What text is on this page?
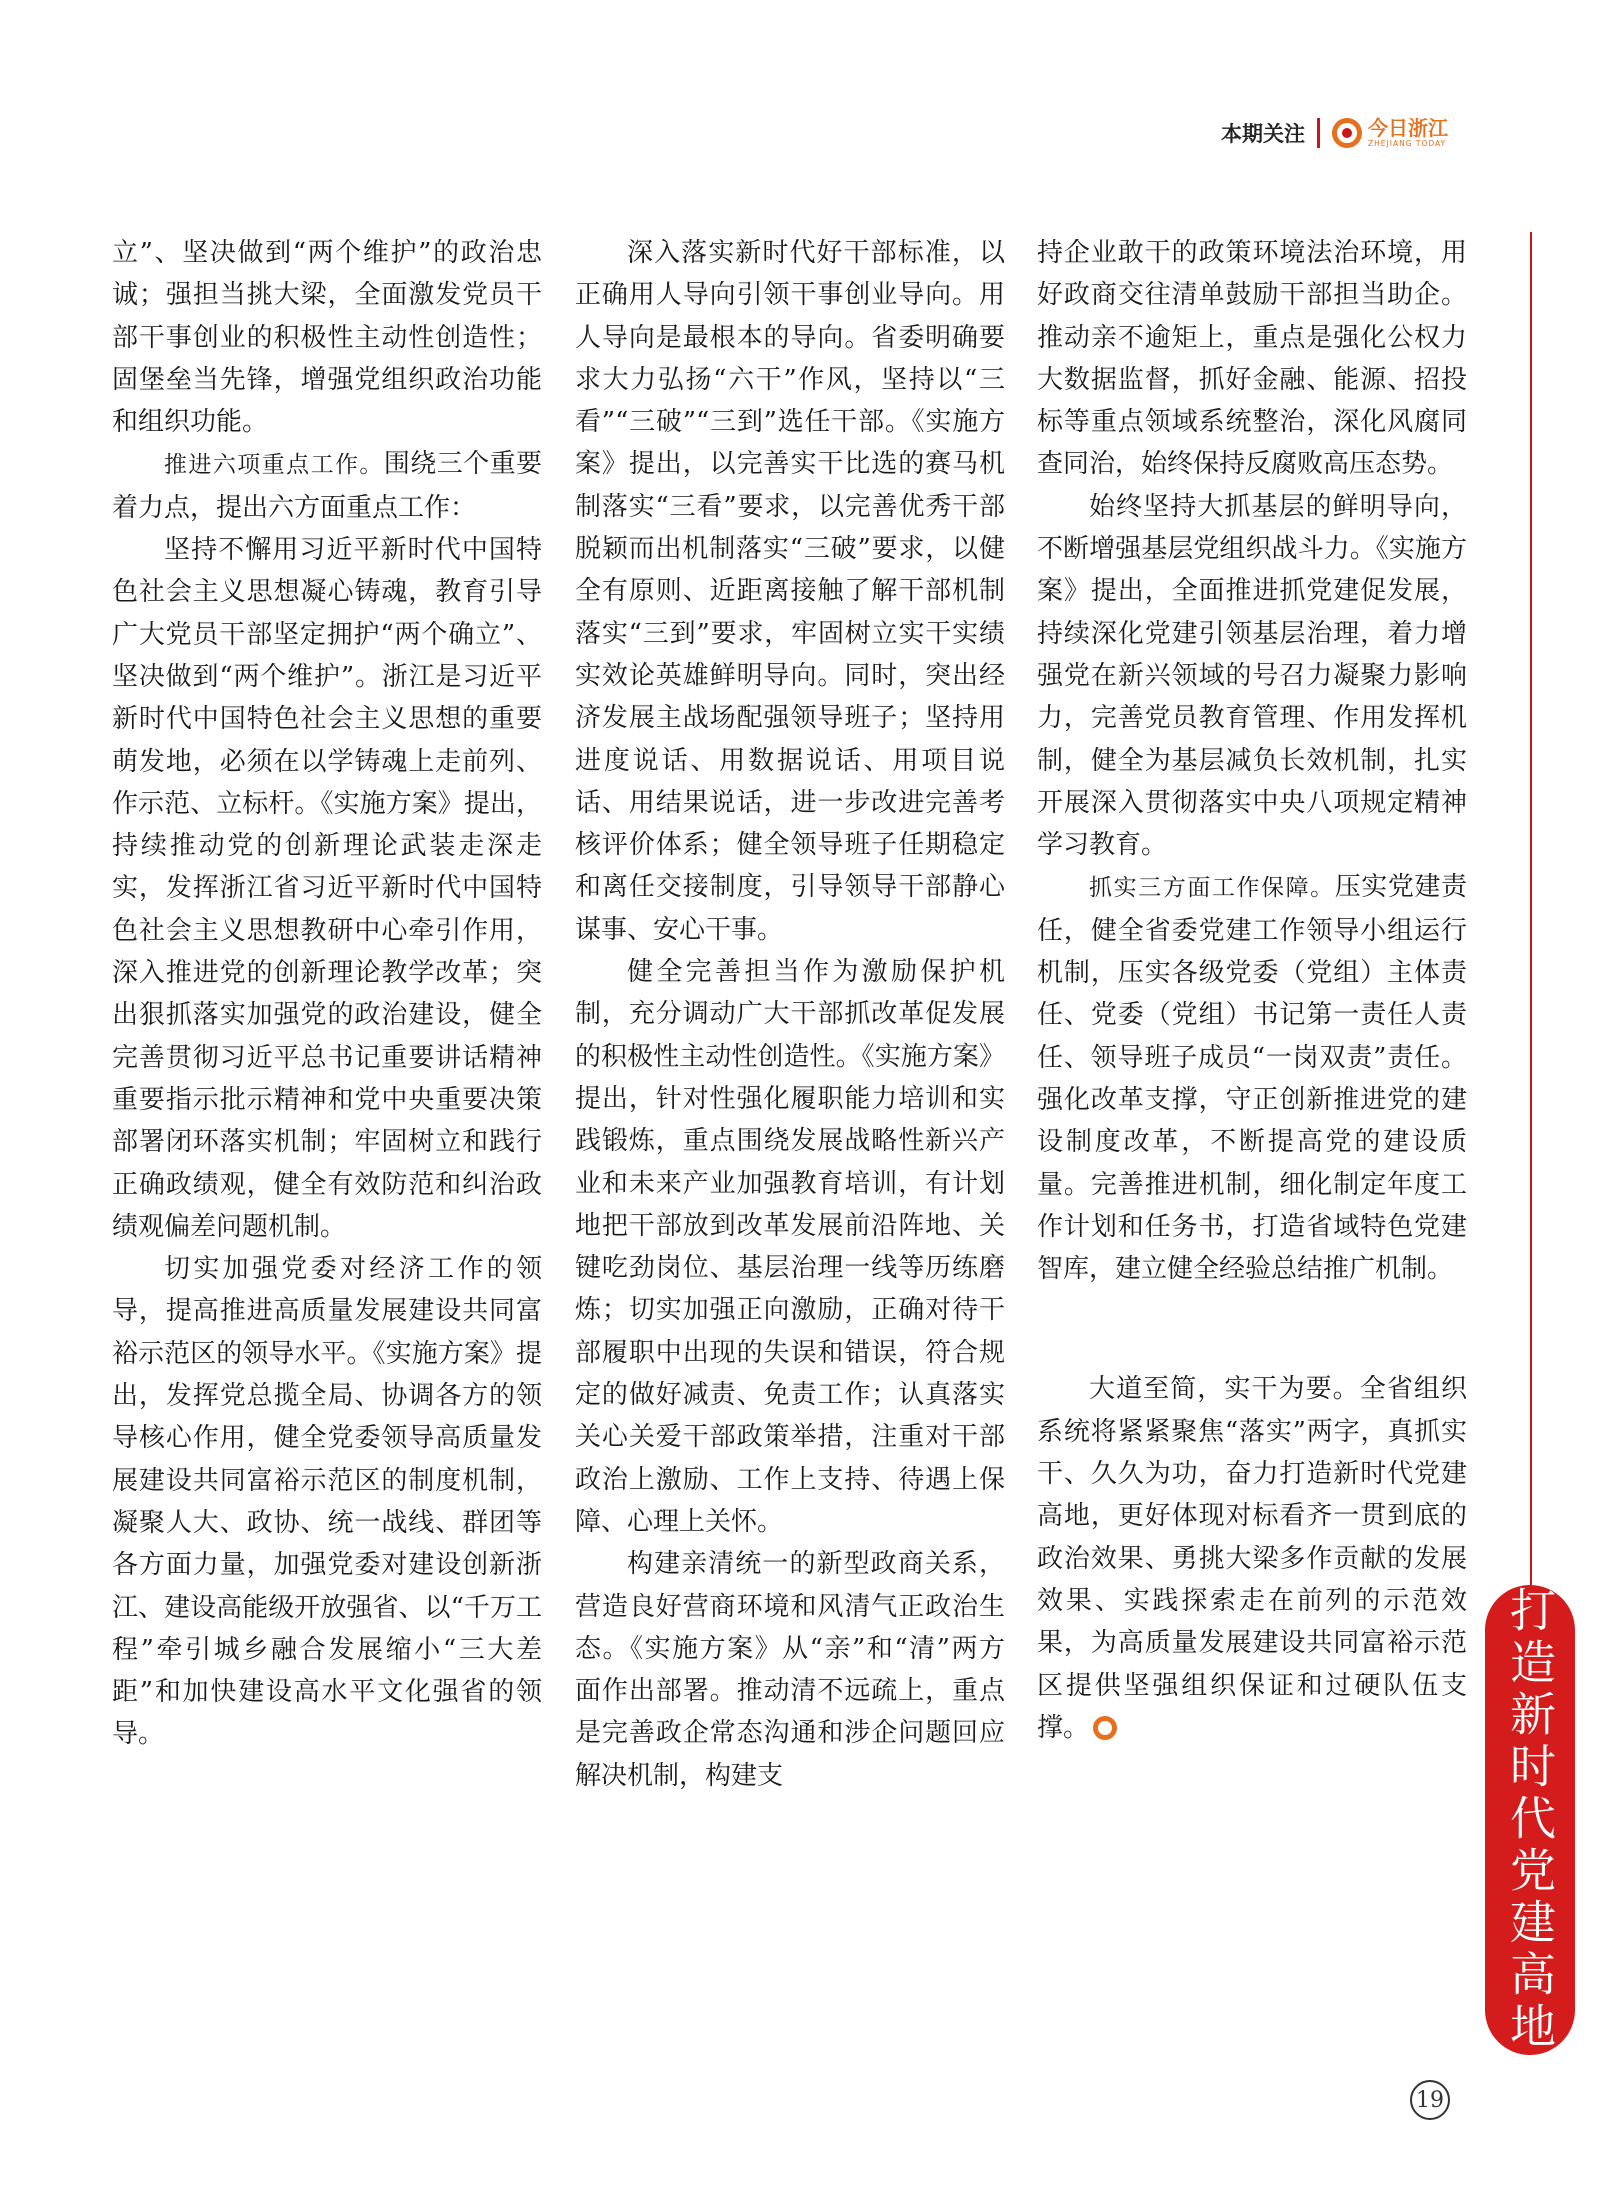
本期关注	今日浙江
ZHEJIANG TODAY

立”、坚决做到“两个维护”的政治忠诚；强担当挑大梁，全面激发党员干部干事创业的积极性主动性创造性；固堡垒当先锋，增强党组织政治功能和组织功能。

推进六项重点工作。围绕三个重要着力点，提出六方面重点工作：

坚持不懈用习近平新时代中国特色社会主义思想凝心铸魂，教育引导广大党员干部坚定拥护“两个确立”、坚决做到“两个维护”。浙江是习近平新时代中国特色社会主义思想的重要萌发地，必须在以学铸魂上走前列、作示范、立标杆。《实施方案》提出，持续推动党的创新理论武装走深走实，发挥浙江省习近平新时代中国特色社会主义思想教研中心牵引作用，深入推进党的创新理论教学改革；突出狠抓落实加强党的政治建设，健全完善贯彻习近平总书记重要讲话精神重要指示批示精神和党中央重要决策部署闭环落实机制；牢固树立和践行正确政绩观，健全有效防范和纠治政绩观偏差问题机制。

切实加强党委对经济工作的领导，提高推进高质量发展建设共同富裕示范区的领导水平。《实施方案》提出，发挥党总揽全局、协调各方的领导核心作用，健全党委领导高质量发展建设共同富裕示范区的制度机制，凝聚人大、政协、统一战线、群团等各方面力量，加强党委对建设创新浙江、建设高能级开放强省、以“千万工程”牵引城乡融合发展缩小“三大差距”和加快建设高水平文化强省的领导。

深入落实新时代好干部标准，以正确用人导向引领干事创业导向。用人导向是最根本的导向。省委明确要求大力弘扬“六干”作风，坚持以“三看”“三破”“三到”选任干部。《实施方案》提出，以完善实干比选的赛马机制落实“三看”要求，以完善优秀干部脱颖而出机制落实“三破”要求，以健全有原则、近距离接触了解干部机制落实“三到”要求，牢固树立实干实绩实效论英雄鲜明导向。同时，突出经济发展主战场配强领导班子；坚持用进度说话、用数据说话、用项目说话、用结果说话，进一步改进完善考核评价体系；健全领导班子任期稳定和离任交接制度，引导领导干部静心谋事、安心干事。

健全完善担当作为激励保护机制，充分调动广大干部抓改革促发展的积极性主动性创造性。《实施方案》提出，针对性强化履职能力培训和实践锻炼，重点围绕发展战略性新兴产业和未来产业加强教育培训，有计划地把干部放到改革发展前沿阵地、关键吃劲岗位、基层治理一线等历练磨炼；切实加强正向激励，正确对待干部履职中出现的失误和错误，符合规定的做好减责、免责工作；认真落实关心关爱干部政策举措，注重对干部政治上激励、工作上支持、待遇上保障、心理上关怀。

构建亲清统一的新型政商关系，营造良好营商环境和风清气正政治生态。《实施方案》从“亲”和“清”两方面作出部署。推动清不远疏上，重点是完善政企常态沟通和涉企问题回应解决机制，构建支

持企业敢干的政策环境法治环境，用好政商交往清单鼓励干部担当助企。推动亲不逾矩上，重点是强化公权力大数据监督，抓好金融、能源、招投标等重点领域系统整治，深化风腐同查同治，始终保持反腐败高压态势。

始终坚持大抓基层的鲜明导向，不断增强基层党组织战斗力。《实施方案》提出，全面推进抓党建促发展，持续深化党建引领基层治理，着力增强党在新兴领域的号召力凝聚力影响力，完善党员教育管理、作用发挥机制，健全为基层减负长效机制，扎实开展深入贯彻落实中央八项规定精神学习教育。

抓实三方面工作保障。压实党建责任，健全省委党建工作领导小组运行机制，压实各级党委（党组）主体责任、党委（党组）书记第一责任人责任、领导班子成员“一岗双责”责任。强化改革支撑，守正创新推进党的建设制度改革，不断提高党的建设质量。完善推进机制，细化制定年度工作计划和任务书，打造省域特色党建智库，建立健全经验总结推广机制。

大道至简，实干为要。全省组织系统将紧紧聚焦“落实”两字，真抓实干、久久为功，奋力打造新时代党建高地，更好体现对标看齐一贯到底的政治效果、勇挑大梁多作贡献的发展效果、实践探索走在前列的示范效果，为高质量发展建设共同富裕示范区提供坚强组织保证和过硬队伍支撑。	打造新时代党建高地
19
